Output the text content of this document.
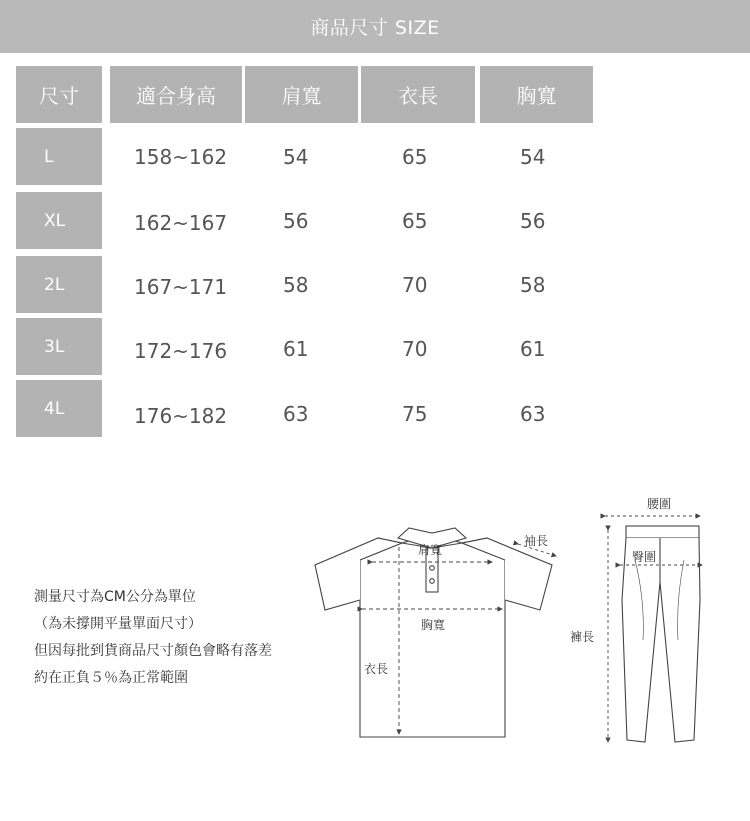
商品尺寸 SIZE
尺寸	適合身高	肩寬	衣長	胸寬
L	158~162	54	65	54
XL	162~167	56	65	56
2L	167~171	58	70	58
3L	172~176	61	70	61
4L	176~182	63	75	63
測量尺寸為CM公分為單位
（為未撐開平量單面尺寸）
但因每批到貨商品尺寸顏色會略有落差
約在正負５％為正常範圍
肩寬
袖長
胸寬
衣長
腰圍
臀圍
褲長
